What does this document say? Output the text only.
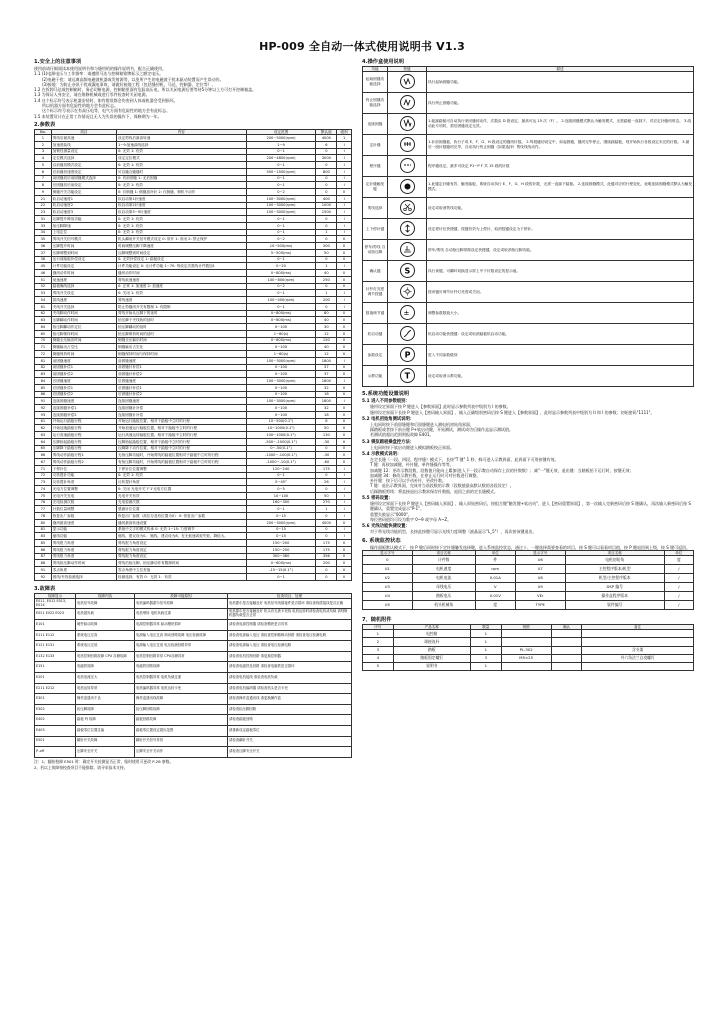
HP-009 全自动一体式使用说明书 V1.3
1.安全上的注意事项

使用前请仔细阅读本使用说明书和与缝纫机的操作说明书，配合正确使用。

1.1 (1)电源电压与工作频率：请遵照马达与控制箱铭牌标示之额定电压。

(2)电磁干扰：请远离高频电磁波机器或发射源等，以免所产生的电磁波干扰本驱动装置而产生误动作。

(3)接地：为防止杂讯干扰或漏电事故，请做好接地工程（包括缝纫机、马达、控制器、定位等）。

1.2 在拆卸马达或控制箱时，务必切断电源，控制箱里面有危险高压电，所以关闭电源后要等待5分钟以上方可打开控制箱盖。

1.3 为保证人身安全，请在维修机械或进行零件检查时关闭电源。

1.4 这个标示符号表示机器安装时，如有错误都会伤害到人体或机器会受到损坏。

所以机器方面有危险性的地方会有此标志。

这个标示符号表示在有高压电等，电气方面有危险性的地方会有此标志。

1.5 本装置设计在正常工作情况且无人为失误的操作下，保修期为一年。

2.参数表
No.	项目	内容	设定范围	默认值	级别
1	剪线后最高速	设定剪线后最高转速	200~5000(rpm)	4000	1
2	加速度曲线	1~9:加速曲线选择	1~9	6	I
3	加锁性测量设定	0: 无效 1: 有效	0~1	0	I
4	定位模式选择	设定定位模式	200~4800(rpm)	3000	I
5	启前缝初模式设定	0: 无效 1: 有效	0~1	0	I
6	后前缝初速度设定	可以缝合缝缝时	500~1500(rpm)	800	I
7	前固缝初后前固缝模式选择	0: 有前固缝 1: 无后固缝	0~1	0	I
8	后固缝初后前设定	0: 无效 1: 有效	0~1	0	I
9	倒缝开关功能设定	0: 仅倒缝 1: 倒缝加补针 2: 仅倒缝，倒机不动作	0~2	0	II
21	软启动速度1	软启动第1针速度	100~3000(rpm)	400	I
22	软启动速度2	软启动第2针速度	100~3000(rpm)	1000	I
23	软启动速度3	软启动第3~9针速度	100~3000(rpm)	1500	I
31	压脚提升释放功能	0: 无效 1: 有效	0~1	0	I
33	抬压脚降速	0: 无效 1: 有效	0~1	0	I
34	上电定位	0: 无效 1: 有效	0~1	1	I
35	剪线开关信号模式	机头翻前开关信号模式设定 0: 常开 1: 常闭 2: 禁止保护	0~2	0	II
36	压脚提升时间	时间调整压脚下降速度	10~500(ms)	300	II
37	压脚调整到时间	压脚调整到时间设定	5~500(ms)	50	II
38	运行前踏板补偿设定	0: 无效补偿设定 1: 踏板设定	0~1	0	II
45	计件功能设定	计件功能设定 0: 无计件功能 1~70: 每设定次数线计件数加1	0~20	1	I
46	缝纫动作时间	缝纫动作时间	0~800(ms)	40	II
51	低速速度	剪线低速速度	100~800(rpm)	250	II
52	踏板确线选择	0: 正常 1: 加速度 2: 加速度	0~2	0	II
53	剪线开关设定	0: 关闭 1: 有效	0~1	1	I
54	拔线速度	剪线速度	100~400(rpm)	200	I
61	夹线开关选择	防止剪缝纫开关有限制 1: 有限制	0~1	0	I
62	夹线脚动作时间	剪线开始从压脚下的延时	0~800(ms)	80	II
63	压脚翻动作时间	抬压脚于夹线轨的延时	0~800(ms)	40	II
64	抬压脚翻动作定位	抬压脚翻动的延时	0~100	30	II
65	抬压脚保持时间	抬压脚保持时间的延时	1~60(s)	12	II
70	倒缝全压输出时间	倒缝全压输出时间	0~800(ms)	150	II
71	倒缝输出占空比	倒缝输出占空比	0~100	40	II
72	倒缝保持时间	倒缝保持时间与保持时间	1~60(s)	12	II
81	前固缝速度	前固缝速度	100~3000(rpm)	1800	I
82	前固缝补偿1	前固缝针补偿1	0~100	37	II
83	前固缝补偿2	前固缝针补偿2	0~100	37	II
84	后固缝速度	后固缝速度	100~3000(rpm)	1800	I
85	后固缝补偿1	后固缝针补偿1	0~100	32	II
86	后固缝补偿2	后固缝针补偿2	0~100	18	II
91	连续固缝速度	连续固缝速度	100~3000(rpm)	1800	I
92	连续固缝补偿1	连续固缝针补偿	0~100	32	II
93	连续固缝补偿2	连续固缝针补偿	0~100	18	II
61	开始运行踏板行程	开始运行踏板位置，相对于踏板中立时的行程	10~500(0.1°)	6	II
62	开始加速踏板行程	开始加速运行踏板位置，相对于踏板中立时的行程	10~1000(0.1°)	50	II
63	运行高速踏板行程	运行高速运转踏板位置，相对于踏板中立时的行程	100~1000(0.1°)	130	II
64	压脚抬起踏板行程	压脚抬起踏板位置，相对于踏板中立时的行程	-500~-1000(0.1°)	-30	II
65	压脚降下踏板行程	压脚降下动作位置，相对于踏板中立时的行程	0~-50(0.1°)	0	II
66	剪线动作踏板行程1	无抬压脚功能时，开始剪线的踏板位置相对于踏板中立时的行程	-1000~-100(0.1°)	-30	II
67	剪线动作踏板行程2	有抬压脚功能时，开始剪线的踏板位置相对于踏板中立时的行程	-1000~-10(0.1°)	-60	II
71	下停针位	下停针位位置调整	120~240	175	I
72	反转提针功能	0: 无效 1: 有效	0~1	0	I
73	反转提针角度	反转提针角度	0~45°	26	I
74	光电方位置调整	0: 关闭 光电开关下'1'光电方位置	0~5	0	I
75	光电开关光电	光电开关有效	10~100	50	I
76	光电检测次数	光电检测次数	160~300	270	I
77	针数位量调整	感测针位位置	0~1	1	I
78	恢复出厂参数	恢复出厂参数（高位分及有位置为0） 0: 恢复出厂参数	0~15	0	I
80	缝纫最高速度	缝纫最高转速设置	200~3000(rpm)	4000	II
81	显示功能	系统中文字的模式传承 0: 无效 1~15: 力度调节	0~15	0	I
83	缩线功能	缩线，建议设为0。 缩线，建议设为8，在无低速或低失败，降倍大。	0~15	0	I
85	剪线报力角度	剪线报力角度设定	150~200	175	II
86	剪线报力角度	剪线报力角度设定	150~250	175	II
87	剪线报力角度	剪线报力角度设定	300~360	356	II
88	剪线抬压脚动作时间	剪线后抬压脚，抬压脚动作有限制时间	0~600(ms)	200	II
91	零点角度	零点角度中立位差值	-15~15(0.1°)	0	II
92	固线/夹线检测选择	检测选择，有效 0：无效 1：有效	0~1	0	II
3.故障表
故障显示	故障内容	故障可能原因	检查项目、处理
E011, E012 E013, E014	电机信号故障	电机编码器霍尔信号故障	电机霍尔是否接触良好 电机信号线插接件是否损坏 请检查线缆接线是否正确
E021 E022 E023	电机超负载	电机堵转 电机负载过重	电机霍尔是否接触良好 机头有无被卡死线 电机运转时请检查电机或负载 请判断机器负载是否正常
E101	硬件驱动故障	电源控制器异常 驱动模块损坏	请检查电源控制器 请检查模块是否异常
E111 E112	系统电压过高	电源输入电压过高 制动回路故障 电压检测故障	请检查电源输入电压 请检查控制箱制动回路 请检查电压检测电路
E121 E131	系统电压过低	电源输入电压过低 电压检测回路异常	请检查电源输入电压 请检查电压检测电路
E132 E133	电机控制回路故障 CPU 存储故障	电机控制回路异常 CPU存储异常	请检查电机控制回路 请更换控制器
E151	电磁铁故障	电磁铁回路故障	请检查电磁铁及回路 请检查电磁铁是否损坏
E201	电机电流过大	电机控制器异常 电机负载过重	请检查电机接线 请检查电机负载
E211 E212	电机运转异常	电机编码器异常 电机运转卡死	请检查电机编码器 请检查机头是否卡死
E301	操作盒通讯不良	操作盒通讯线故障	请检查操作盒通讯线 请更换操作盒
E302	抬压脚故障	抬压脚回路故障	请检查抬压脚回路
E402	踏板 PJ 故障	踏板回路故障	请检查踏板回路
E403	踏板零位位置过偏	踏板零位置设定超出范围	请重新设定踏板零位
E501	翻针开关故障	翻针开关信号异常	请检查翻针开关
P..off	压脚安全开关	压脚安全开关动作	请检查压脚安全开关
注：1、翻抬校障 E501 时：确定开关检测是否正常，临时使用可更改 P-28 参数。
2、若以上故障按校查项目不能排除，请寻求技术支持。
4.操作盒使用说明
功能	按键	描述
起始固缝功能选择		执行起始固缝功能。
终止固缝功能选择		执行终止固缝功能。
连续固缝		1.能踩踏板可自动执行来回缝纫动作，次数由 D 段设定，最高可达 15 次（F）。 2.连续固缝模式默认为触发模式，无需踏板一直踩下，对应定针缝纫形态。 3.改动此专项时，需后固缝设定无效。
定针缝		1.针前固缝板，执行子或 E、F、G、H 段设定的缝纫针数。 2.每段缝纫设定中，如起固缝，缝纫完毕停止，继续踩踏板，则开始执行各段设定未完的针数。 3.最后一段针数缝纫完毕，自动执行终止固缝（如果选择）剪线线线动作。
程序缝		程序缝设定，最多可设定 P1~P F 共 15 段的针数
定针缝触发键		1.此键定针缝有效，触发踏板，系统自动执行 E、F、G、H 段的针数，无需一直踩下踏板。 2.连续固缝模式，此键对应的行程变化，表明连续固缝模式默认为触发模式。
剪线选择		设定或取消剪线功能。
上下停针键		设定停针位快捷键，按键有效为上停针，取消按键设定为下停针。
停车/剪线 自动抬压脚		停车/剪线 自动抬压脚常做设定快捷键，设定或取消抬压脚功能。
确认键	S	执行读键，可翻环切换显示屏上中下针数设定的显示值。
针杆灯亮度调节按键		按该键可调节针杆灯亮度或关闭。
数值调节键	±	调整参数数值大小。
软启动键		软启动功能快捷键：设定或取消踏板软启动功能。
参数设定	P	进入不同参数级别
示教功能	T	设定或取消示教功能。
5.系统功能设置说明
5.1 进入不同参数级别：

缝纫设定界面下按 P 键进入【参数界面】此时显示参数列表中级别为 I 的参数。

缝纫设定界面下长按 P 键进入【密码输入界面】，输入正确级别密码后按 S 键进入【参数界面】，此时显示参数列表中级别为 II 和 I 的参数；初始密码"1111"。

5.2 电机初始角测试说明：

上电同时按下前固缝键和后固缝键进入测电机初始角界面，

踩踏板或者按下前台键 P+软启动键，开始测试，测试成功后操作盒显示测试值。

若测试值超出范围则报故障 E401。

5.3 模拟踏板操盘控方法：

上电同时按下软启动键进入模拟踏板校正界面。

5.4 示教模式说明：

在定长缝（一段、四段、程序缝）模式下，长按"T 键" 1 秒，蜂可进入示教界面，此界面下可用按键有效。

T 键：再按加减键，补针键，单件缝操作等等，

加减键 12：更改示教段数，段数值只能向上累加(进入下一段示教自动保存上次的针数数）；减"一"键无效，退出键：当踏板抬下运行时，按键无效；

加减键 34：修改示教针数，在停止运行时可对针数进行调整。

补针键：按下后可以手动补针，更改针数。

T 键：退出示教界面，完成对当前段数的示教（段数值最高默认数的各段设定）。

后踩踏板剪线：将直接退出示教界保存针数据，退回之前的定长缝模式。

5.5 密码设置：

缝纫设定界面下长按 P 键进入【密码输入界面】，输入原始密码后，按组合键"触发键+软启动"，进入【密码重置界面】，第一次输入完新密码后按 S 键确认，再次输入新密码后按 S 键确认，重置完成显示"P-1"。

重置失败显示"0000"。

每位密码值均可设为数字 0~9 或字母 A~Z。

5.6 光线功能快捷设置：

对于带光线功能机型，长按此按键可显示光线力度调整（液晶显示"L_5"），再次按该键退出。

6. 系统监控状态

操作面板默认模式下，按 P 键后同时按下定针缝触发选择键，进入系统监控状态，通过十、一键选择需要查看的项目，按 S 键可以看看项目值，按 P 键退回到上级，按 S 键可返回。

显示字号	项目名称	单位	显示字号	项目名称	单位
0	计件数	件	U6	电机初始角	度
U1	电机速度	rpm	U7	主控程序版本/机型	/
U2	电机电流	0.01A	U8	机型/主控程序版本	/
U3	母线电压	V	U9	DSP 编号	/
U4	踏板电压	0.01V	VEr	操作盒程序版本	/
U5	机头机械角	度	TYPE	软件编号	/
7、随机附件
序号	产品名称	数量	规格	确认	备注
1	电控箱	1			
2	球接连杆	1			
3	踏板	1	PL-302		含支架
4	踏板固定螺钉	3	M5×25		外六角法兰自攻螺钉
5	说明书	1			
